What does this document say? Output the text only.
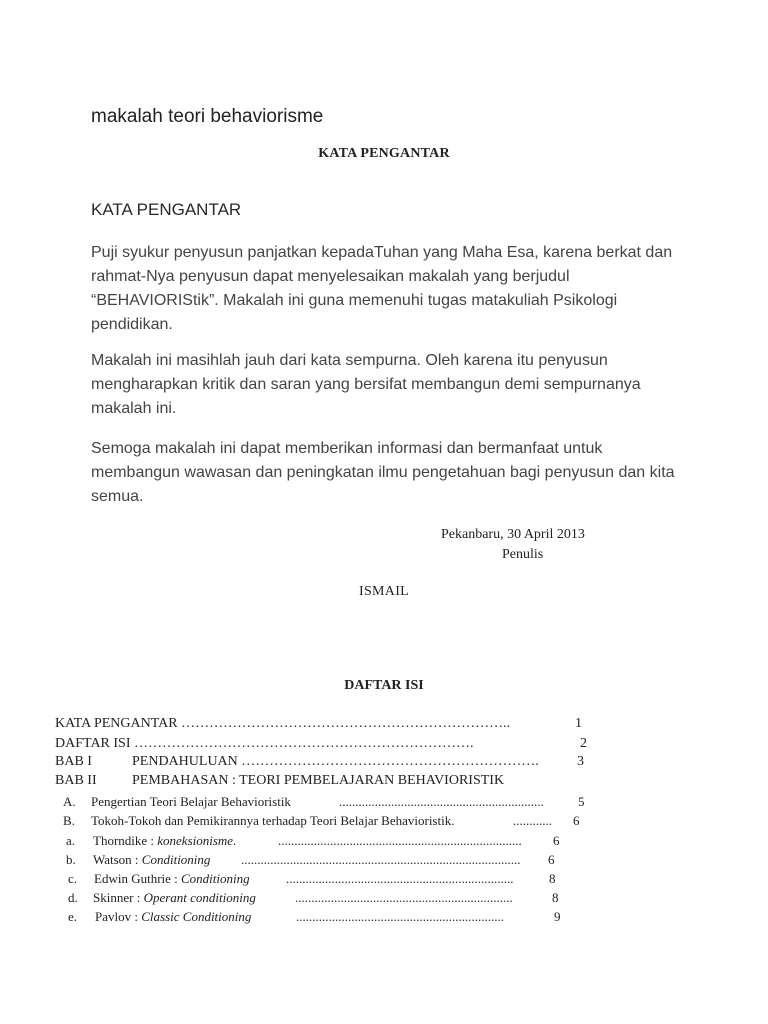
makalah teori behaviorisme
KATA PENGANTAR
KATA PENGANTAR
Puji syukur penyusun panjatkan kepadaTuhan yang Maha Esa, karena berkat dan rahmat-Nya penyusun dapat menyelesaikan makalah yang berjudul “BEHAVIORIStik”. Makalah ini guna memenuhi tugas matakuliah Psikologi pendidikan.
Makalah ini masihlah jauh dari kata sempurna. Oleh karena itu penyusun mengharapkan kritik dan saran yang bersifat membangun demi sempurnanya makalah ini.
Semoga makalah ini dapat memberikan informasi dan bermanfaat untuk membangun wawasan dan peningkatan ilmu pengetahuan bagi penyusun dan kita semua.
Pekanbaru, 30 April 2013
Penulis
ISMAIL
DAFTAR ISI
KATA PENGANTAR ……………………………………………………………..	1
DAFTAR ISI ……………………………………………………………….	2
BAB I	PENDAHULUAN ……………………………………………………….	3
BAB II	PEMBAHASAN : TEORI PEMBELAJARAN BEHAVIORISTIK
A. Pengertian Teori Belajar Behavioristik	...............................................................	5
B. Tokoh-Tokoh dan Pemikirannya terhadap Teori Belajar Behavioristik.	............ 6
a. Thorndike : koneksionisme.	........................................................................... 6
b. Watson : Conditioning ...................................................................................... 6
c. Edwin Guthrie : Conditioning	......................................................................	8
d. Skinner : Operant conditioning	...................................................................	8
e. Pavlov : Classic Conditioning	................................................................	9
